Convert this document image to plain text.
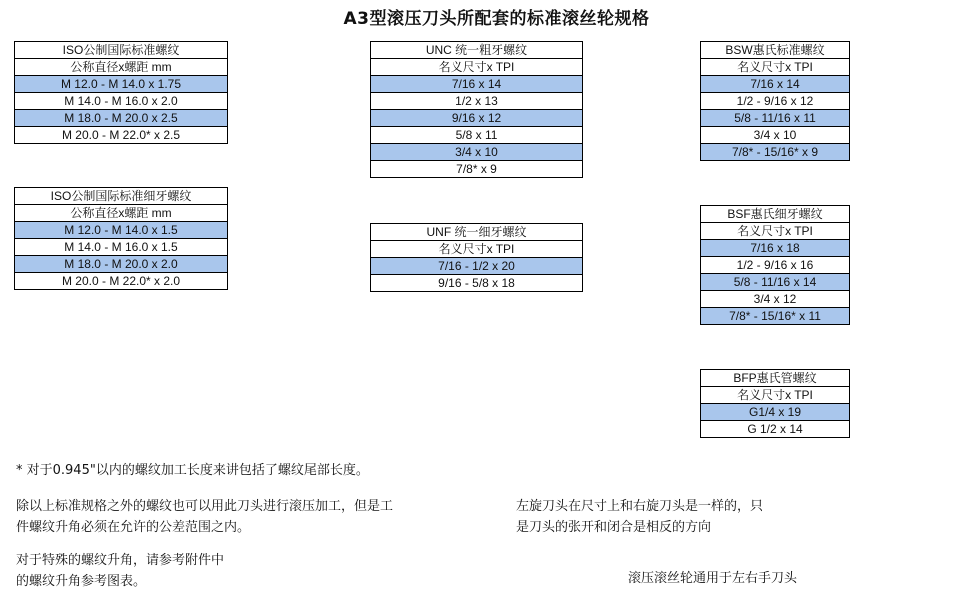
A3型滚压刀头所配套的标准滚丝轮规格
ISO公制国际标准螺纹
公称直径x螺距 mm
M 12.0 - M 14.0 x 1.75
M 14.0 - M 16.0 x 2.0
M 18.0 - M 20.0 x 2.5
M 20.0 - M 22.0* x 2.5
ISO公制国际标准细牙螺纹
公称直径x螺距 mm
M 12.0 - M 14.0 x 1.5
M 14.0 - M 16.0 x 1.5
M 18.0 - M 20.0 x 2.0
M 20.0 - M 22.0* x 2.0
UNC 统一粗牙螺纹
名义尺寸x TPI
7/16 x 14
1/2 x 13
9/16 x 12
5/8 x 11
3/4 x 10
7/8* x 9
UNF 统一细牙螺纹
名义尺寸x TPI
7/16 - 1/2 x 20
9/16 - 5/8 x 18
BSW惠氏标准螺纹
名义尺寸x TPI
7/16 x 14
1/2 - 9/16 x 12
5/8 - 11/16 x 11
3/4 x 10
7/8* - 15/16* x 9
BSF惠氏细牙螺纹
名义尺寸x TPI
7/16 x 18
1/2 - 9/16 x 16
5/8 - 11/16 x 14
3/4 x 12
7/8* - 15/16* x 11
BFP惠氏管螺纹
名义尺寸x TPI
G1/4 x 19
G 1/2 x 14
* 对于0.945"以内的螺纹加工长度来讲包括了螺纹尾部长度。
除以上标准规格之外的螺纹也可以用此刀头进行滚压加工，但是工
件螺纹升角必须在允许的公差范围之内。
左旋刀头在尺寸上和右旋刀头是一样的，只
是刀头的张开和闭合是相反的方向
对于特殊的螺纹升角，请参考附件中
的螺纹升角参考图表。	滚压滚丝轮通用于左右手刀头
